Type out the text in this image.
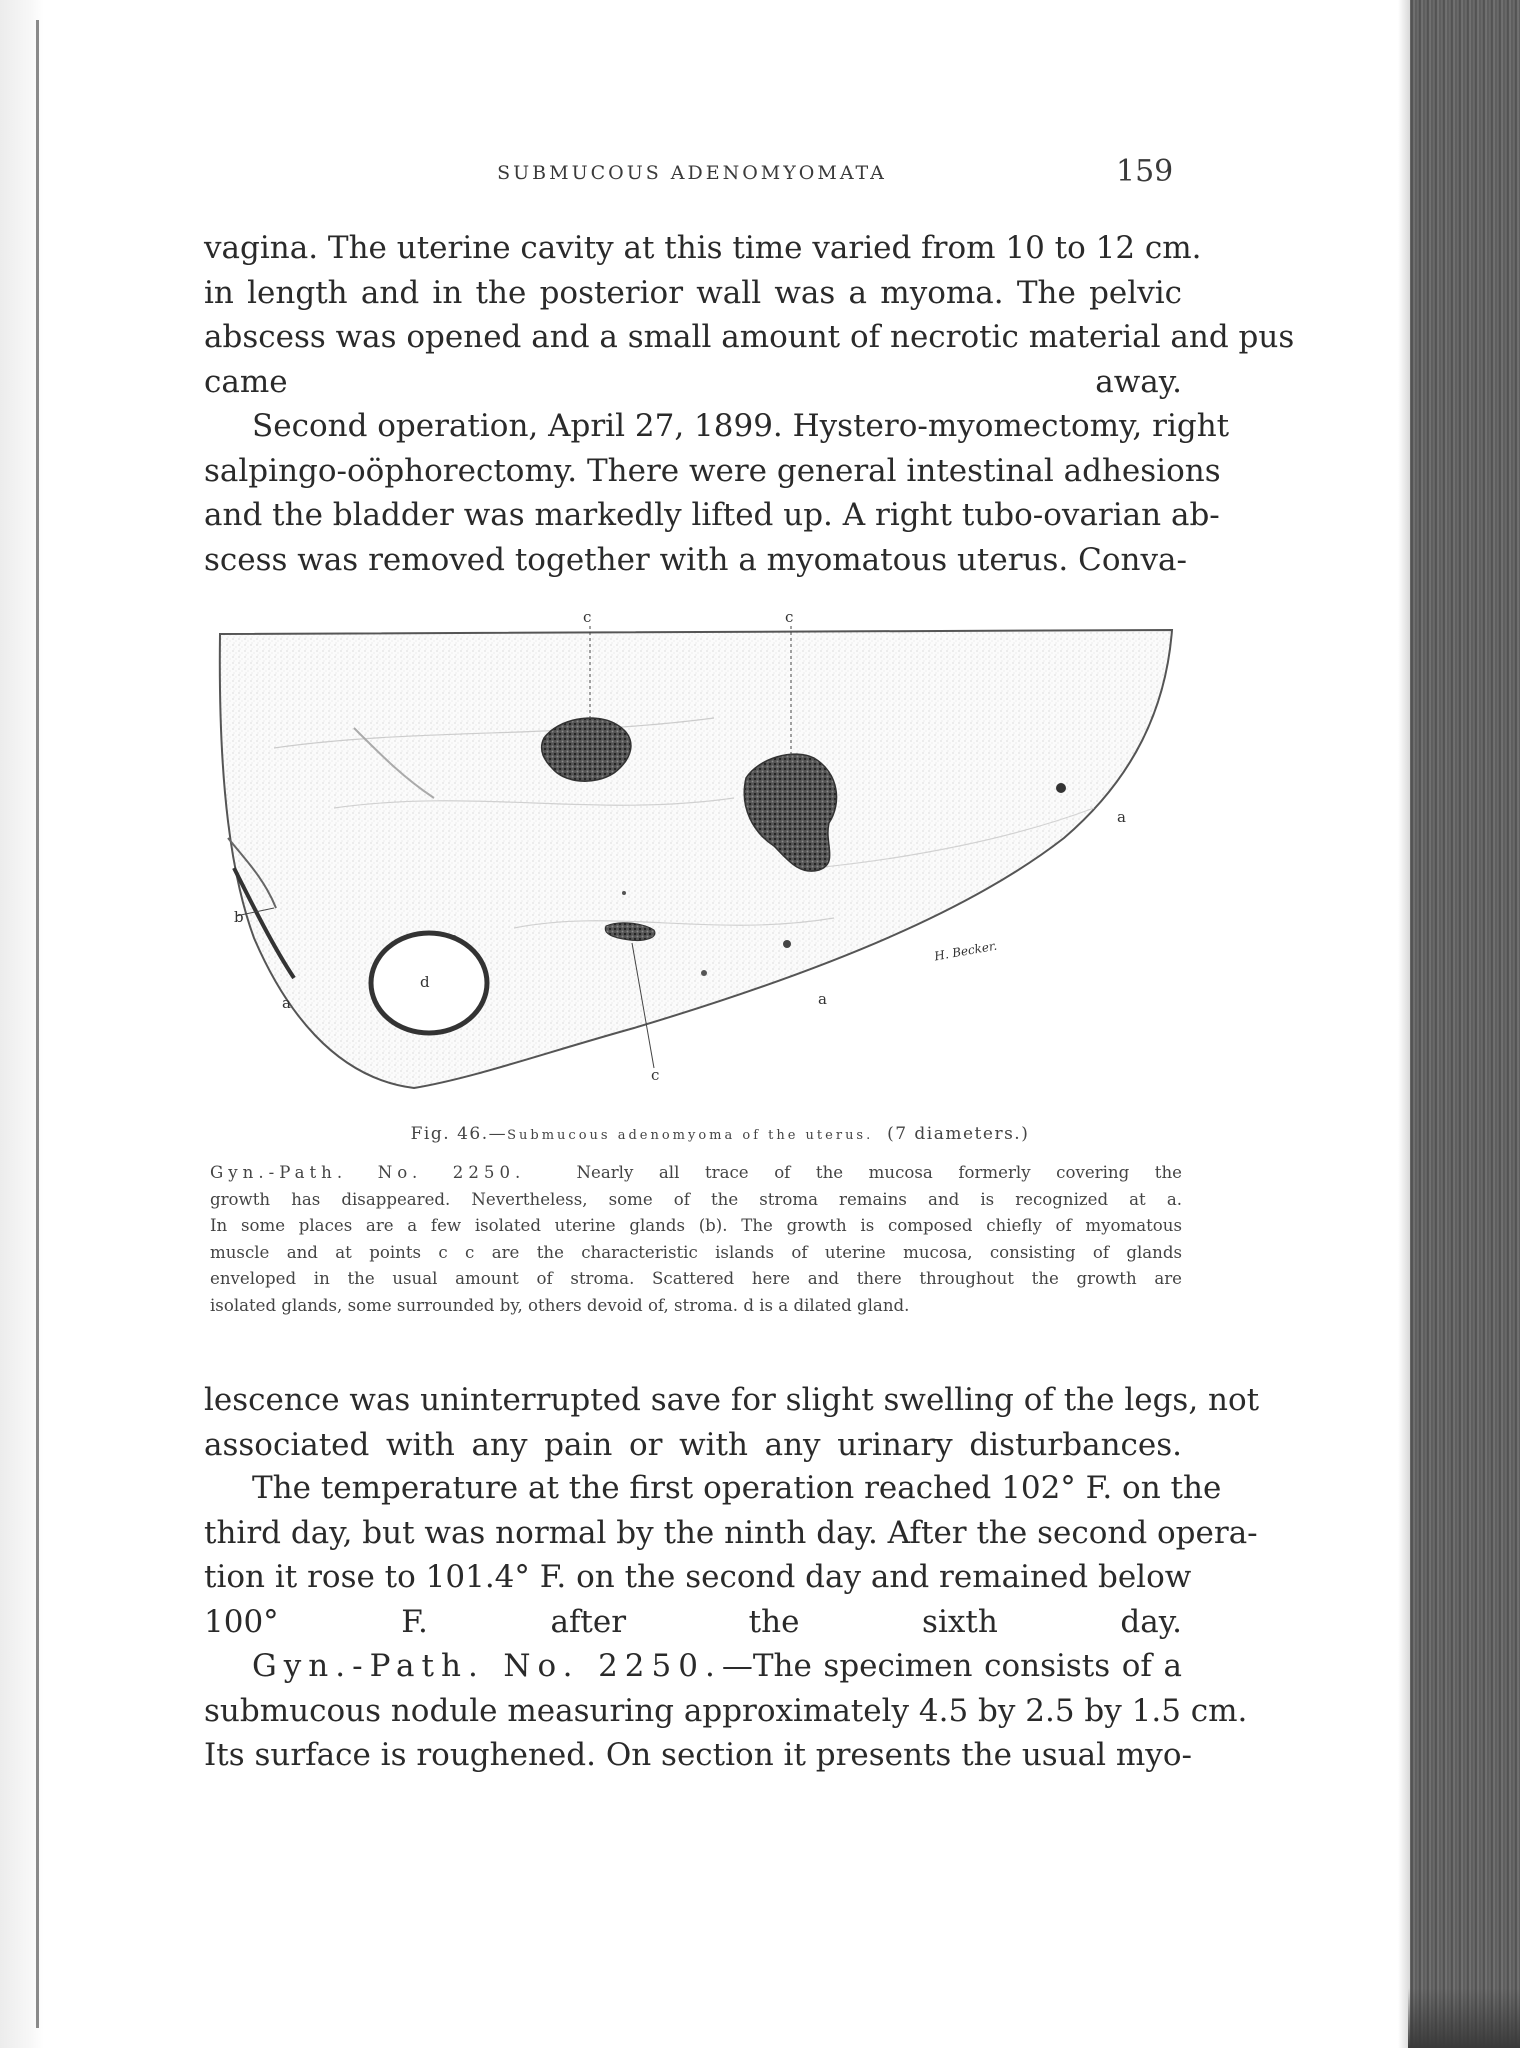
SUBMUCOUS ADENOMYOMATA	159
vagina. The uterine cavity at this time varied from 10 to 12 cm.
in length and in the posterior wall was a myoma. The pelvic
abscess was opened and a small amount of necrotic material and pus
came away.
Second operation, April 27, 1899. Hystero-myomectomy, right
salpingo-oöphorectomy. There were general intestinal adhesions
and the bladder was markedly lifted up. A right tubo-ovarian ab-
scess was removed together with a myomatous uterus. Conva-
c	c
c
a
a
a
b
d
H. Becker.
Fig. 46.—Submucous adenomyoma of the uterus. (7 diameters.)
Gyn.-Path. No. 2250.	Nearly all trace of the mucosa formerly covering the
growth has disappeared. Nevertheless, some of the stroma remains and is recognized at a.
In some places are a few isolated uterine glands (b). The growth is composed chiefly of myomatous
muscle and at points c c are the characteristic islands of uterine mucosa, consisting of glands
enveloped in the usual amount of stroma. Scattered here and there throughout the growth are
isolated glands, some surrounded by, others devoid of, stroma. d is a dilated gland.
lescence was uninterrupted save for slight swelling of the legs, not
associated with any pain or with any urinary disturbances.
The temperature at the first operation reached 102° F. on the
third day, but was normal by the ninth day. After the second opera-
tion it rose to 101.4° F. on the second day and remained below
100° F. after the sixth day.
Gyn.-Path. No. 2250.—The specimen consists of a
submucous nodule measuring approximately 4.5 by 2.5 by 1.5 cm.
Its surface is roughened. On section it presents the usual myo-
